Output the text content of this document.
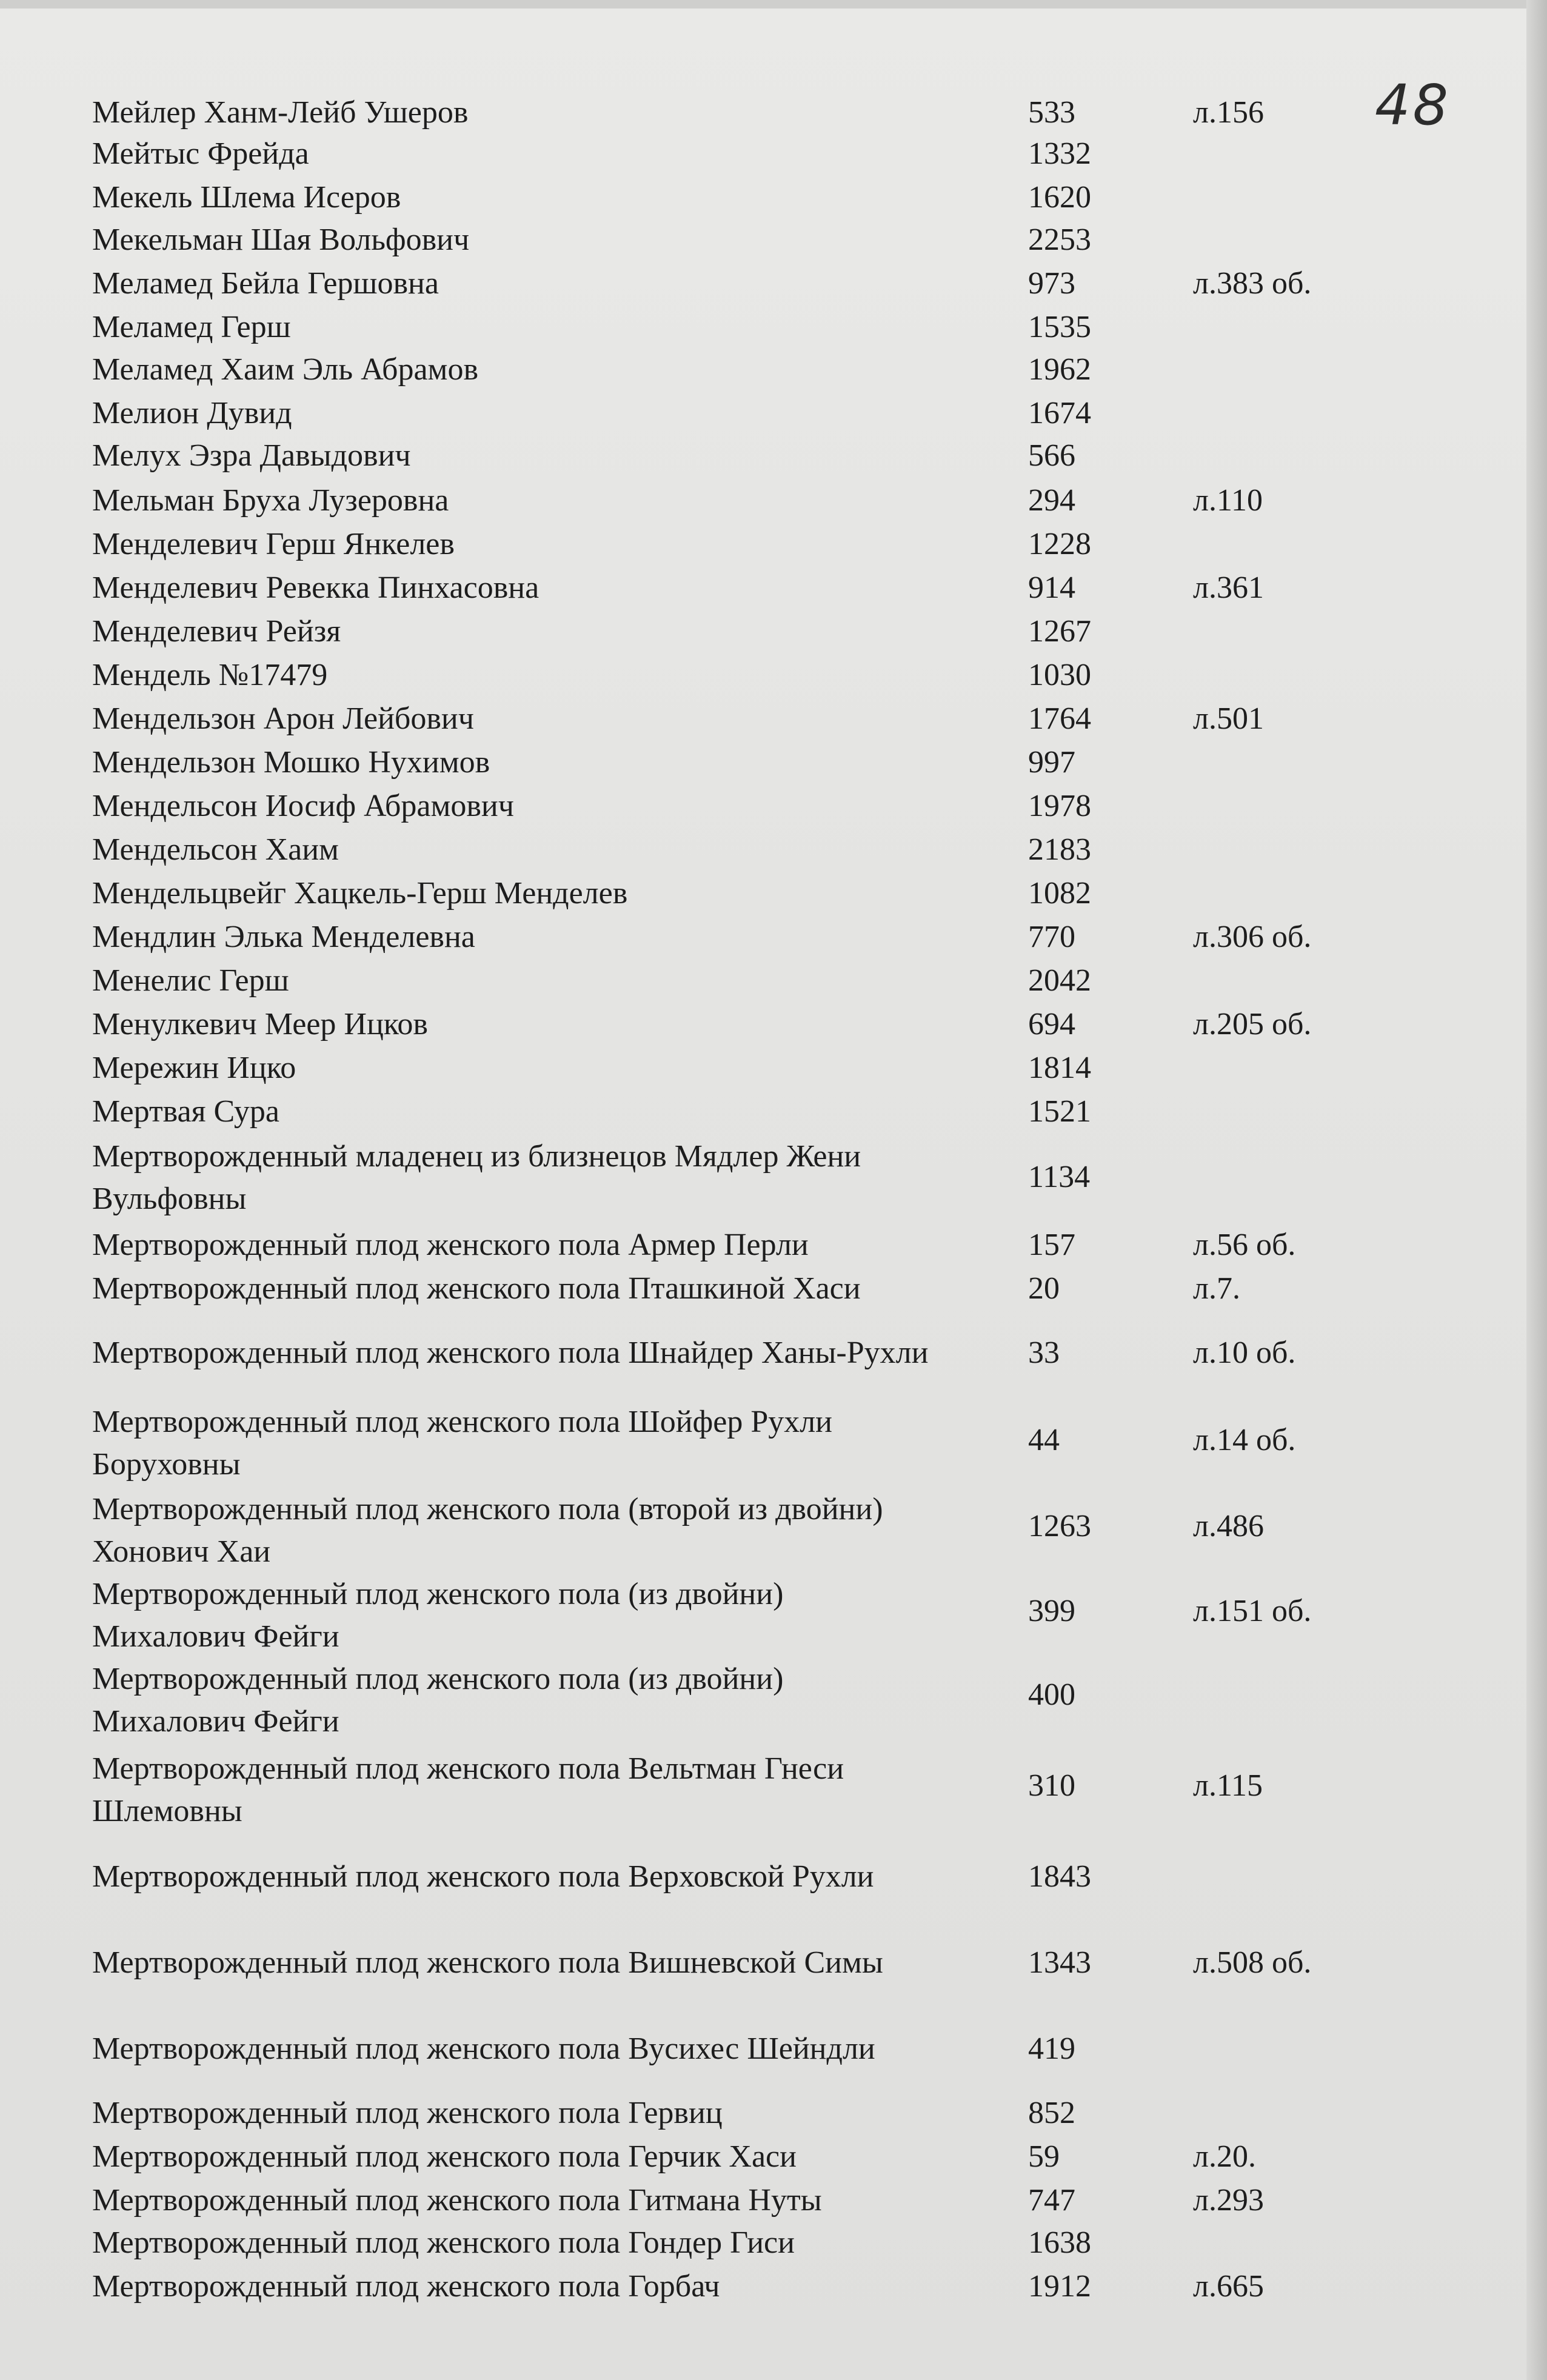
48
Мейлер Ханм-Лейб Ушеров	533	л.156
Мейтыс Фрейда	1332
Мекель Шлема Исеров	1620
Мекельман Шая Вольфович	2253
Меламед Бейла Гершовна	973	л.383 об.
Меламед Герш	1535
Меламед Хаим Эль Абрамов	1962
Мелион Дувид	1674
Мелух Эзра Давыдович	566
Мельман Бруха Лузеровна	294	л.110
Менделевич Герш Янкелев	1228
Менделевич Ревекка Пинхасовна	914	л.361
Менделевич Рейзя	1267
Мендель №17479	1030
Мендельзон Арон Лейбович	1764	л.501
Мендельзон Мошко Нухимов	997
Мендельсон Иосиф Абрамович	1978
Мендельсон Хаим	2183
Мендельцвейг Хацкель-Герш Менделев	1082
Мендлин Элька Менделевна	770	л.306 об.
Менелис Герш	2042
Менулкевич Меер Ицков	694	л.205 об.
Мережин Ицко	1814
Мертвая Сура	1521
Мертворожденный младенец из близнецов Мядлер Жени
Вульфовны
1134
Мертворожденный плод женского пола Армер Перли	157	л.56 об.
Мертворожденный плод женского пола Пташкиной Хаси	20	л.7.
Мертворожденный плод женского пола Шнайдер Ханы-Рухли	33	л.10 об.
Мертворожденный плод женского пола Шойфер Рухли
Боруховны
44	л.14 об.
Мертворожденный плод женского пола (второй из двойни)
Хонович Хаи
1263	л.486
Мертворожденный плод женского пола (из двойни)
Михалович Фейги
399	л.151 об.
Мертворожденный плод женского пола (из двойни)
Михалович Фейги
400
Мертворожденный плод женского пола Вельтман Гнеси
Шлемовны
310	л.115
Мертворожденный плод женского пола Верховской Рухли	1843
Мертворожденный плод женского пола Вишневской Симы	1343	л.508 об.
Мертворожденный плод женского пола Вусихес Шейндли	419
Мертворожденный плод женского пола Гервиц	852
Мертворожденный плод женского пола Герчик Хаси	59	л.20.
Мертворожденный плод женского пола Гитмана Нуты	747	л.293
Мертворожденный плод женского пола Гондер Гиси	1638
Мертворожденный плод женского пола Горбач	1912	л.665
